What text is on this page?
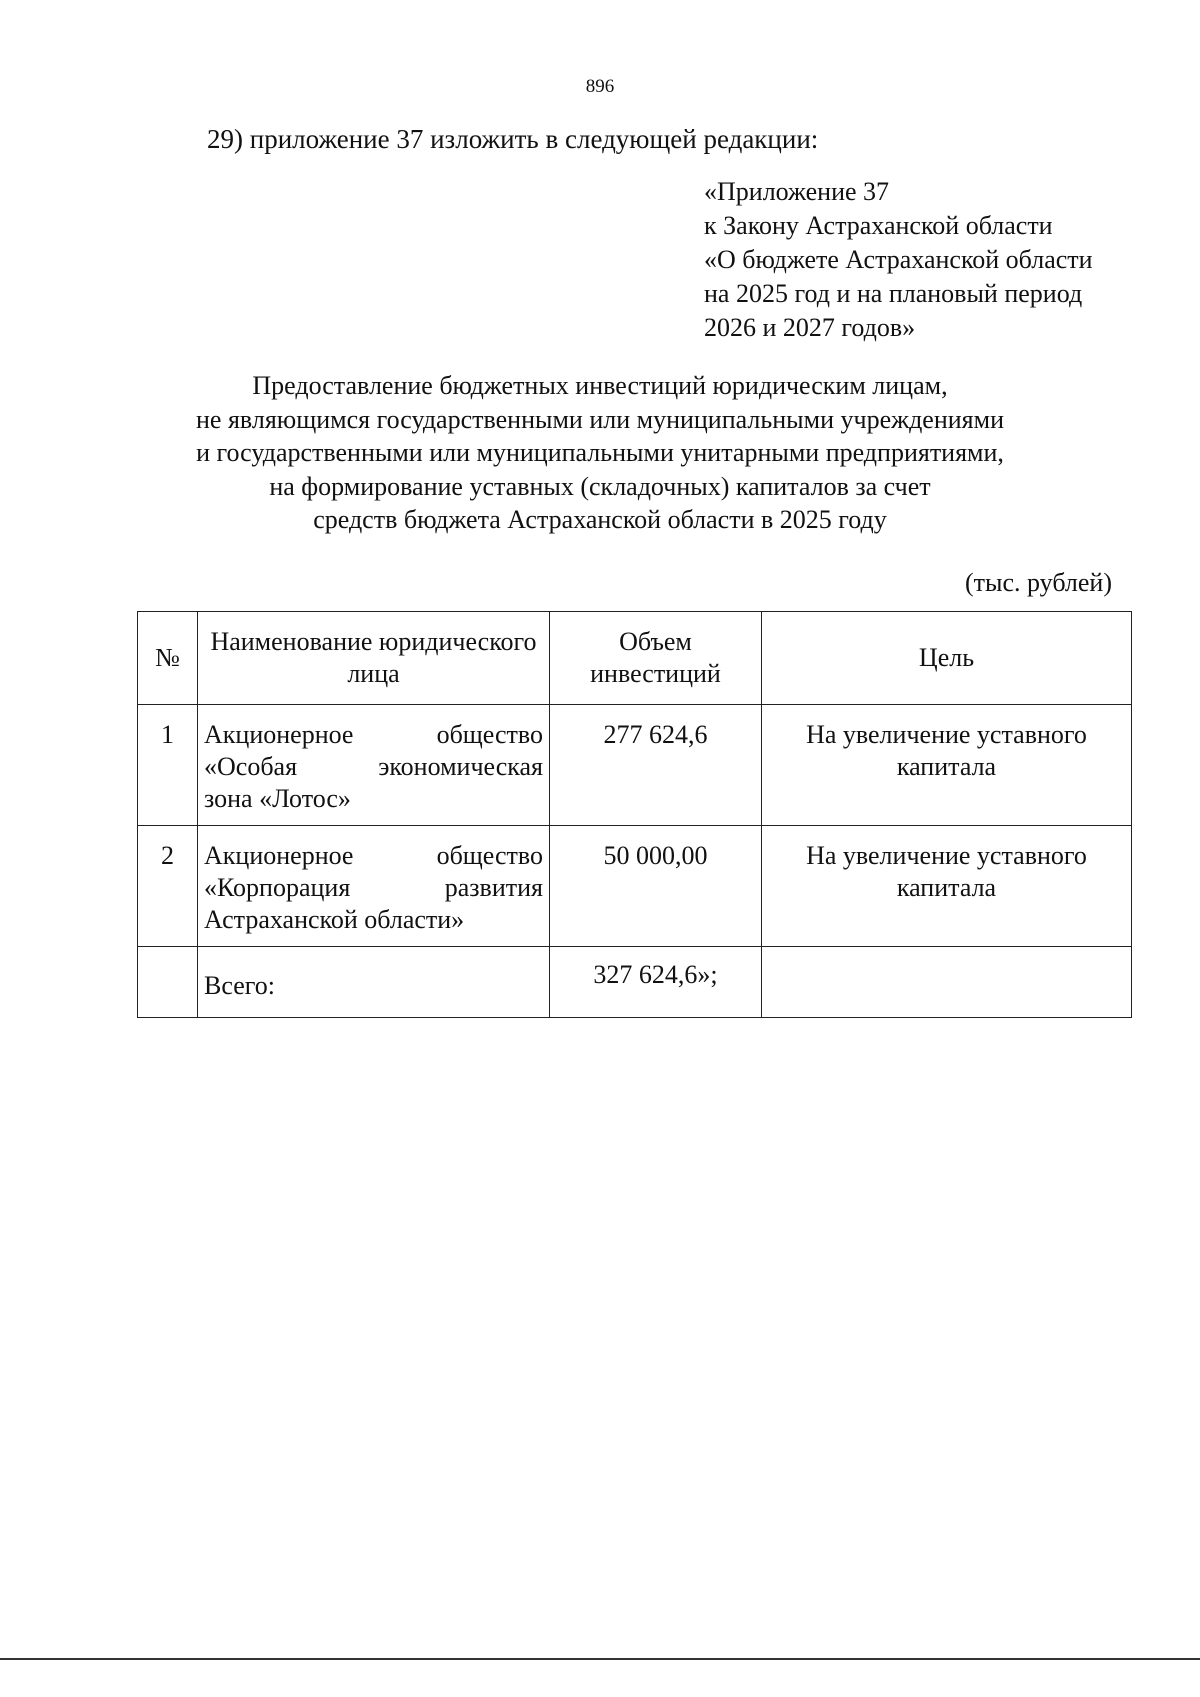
896
29) приложение 37 изложить в следующей редакции:
«Приложение 37
к Закону Астраханской области
«О бюджете Астраханской области
на 2025 год и на плановый период
2026 и 2027 годов»
Предоставление бюджетных инвестиций юридическим лицам,
не являющимся государственными или муниципальными учреждениями
и государственными или муниципальными унитарными предприятиями,
на формирование уставных (складочных) капиталов за счет
средств бюджета Астраханской области в 2025 году
(тыс. рублей)
№	Наименование юридического лица	Объем инвестиций	Цель
1	Акционерное общество
«Особая экономическая
зона «Лотос»	277 624,6	На увеличение уставного капитала
2	Акционерное общество
«Корпорация развития
Астраханской области»	50 000,00	На увеличение уставного капитала
	Всего:	327 624,6»;	
